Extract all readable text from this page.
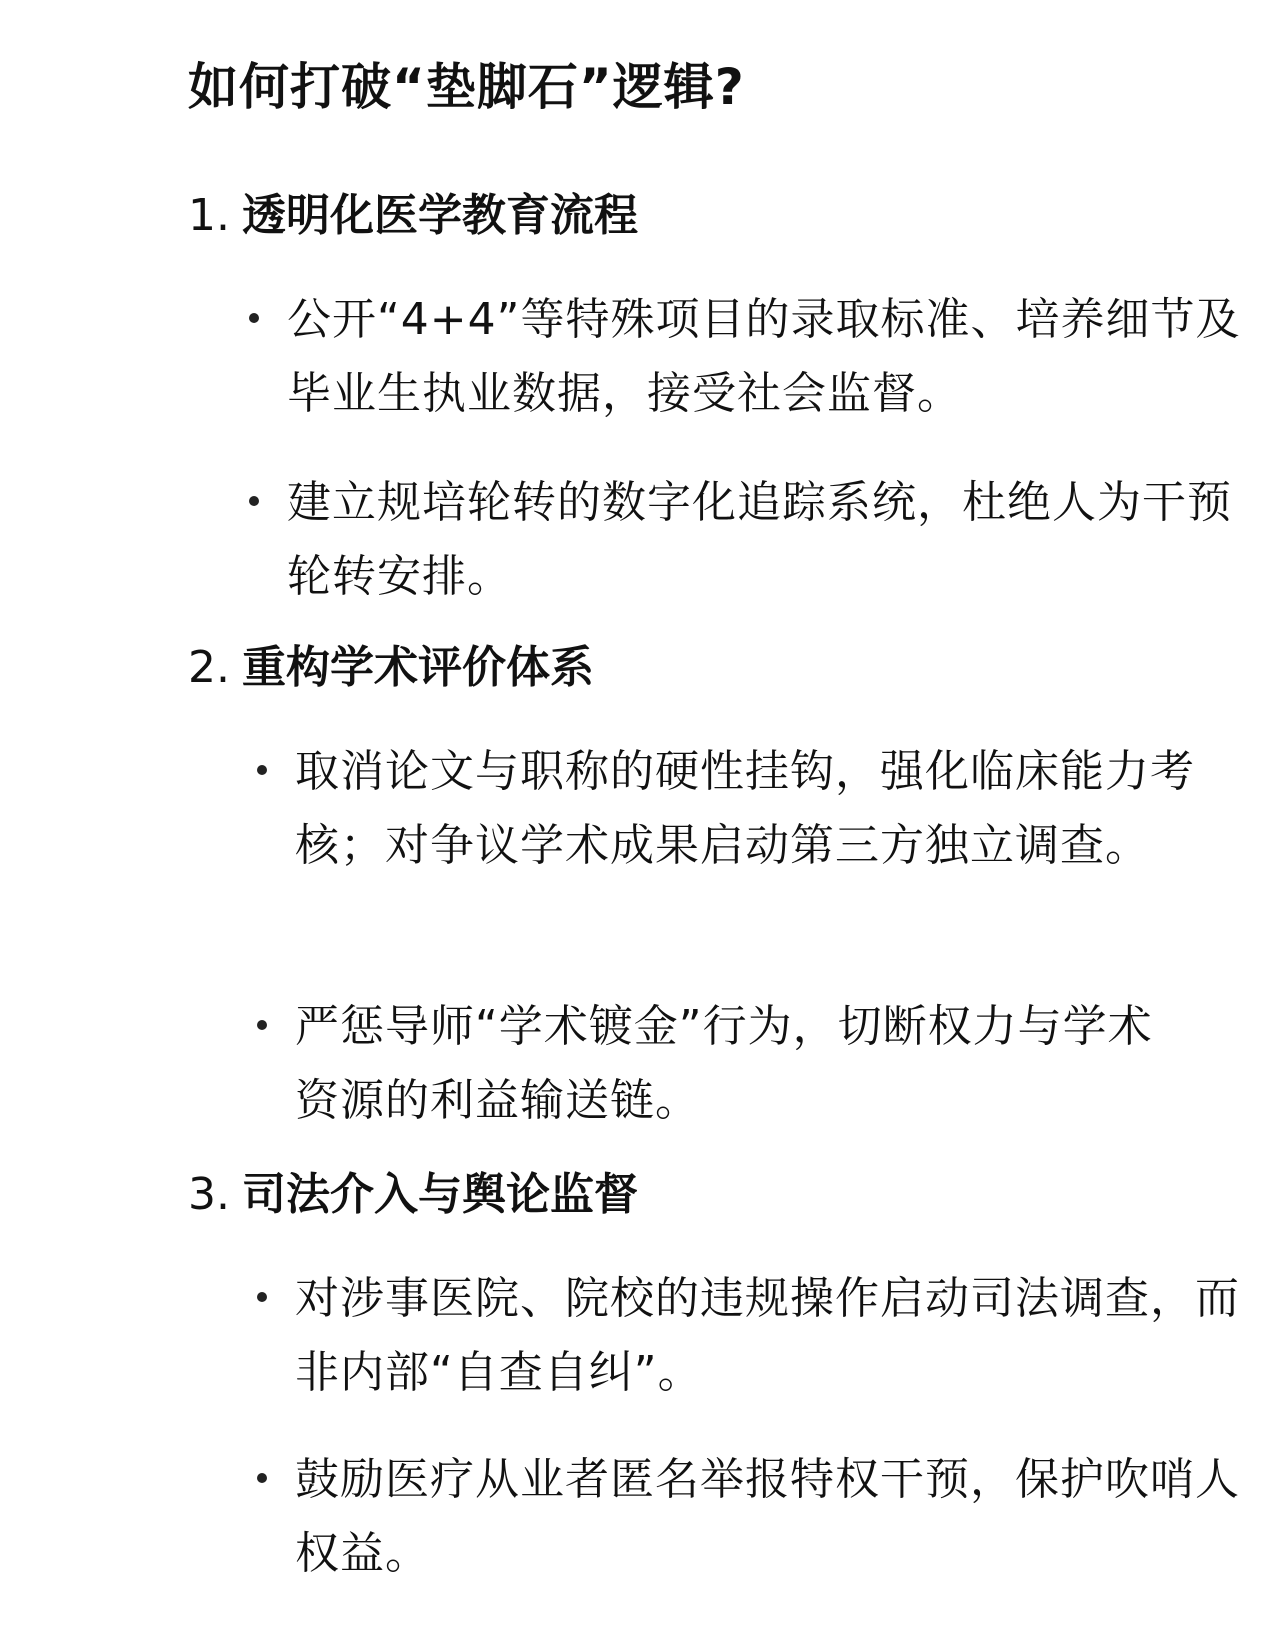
如何打破“垫脚石”逻辑?
1. 透明化医学教育流程
公开“4+4”等特殊项目的录取标准、培养细节及毕业生执业数据，接受社会监督。
建立规培轮转的数字化追踪系统，杜绝人为干预轮转安排。
2. 重构学术评价体系
取消论文与职称的硬性挂钩，强化临床能力考核；对争议学术成果启动第三方独立调查。
严惩导师“学术镀金”行为，切断权力与学术资源的利益输送链。
3. 司法介入与舆论监督
对涉事医院、院校的违规操作启动司法调查，而非内部“自查自纠”。
鼓励医疗从业者匿名举报特权干预，保护吹哨人权益。
